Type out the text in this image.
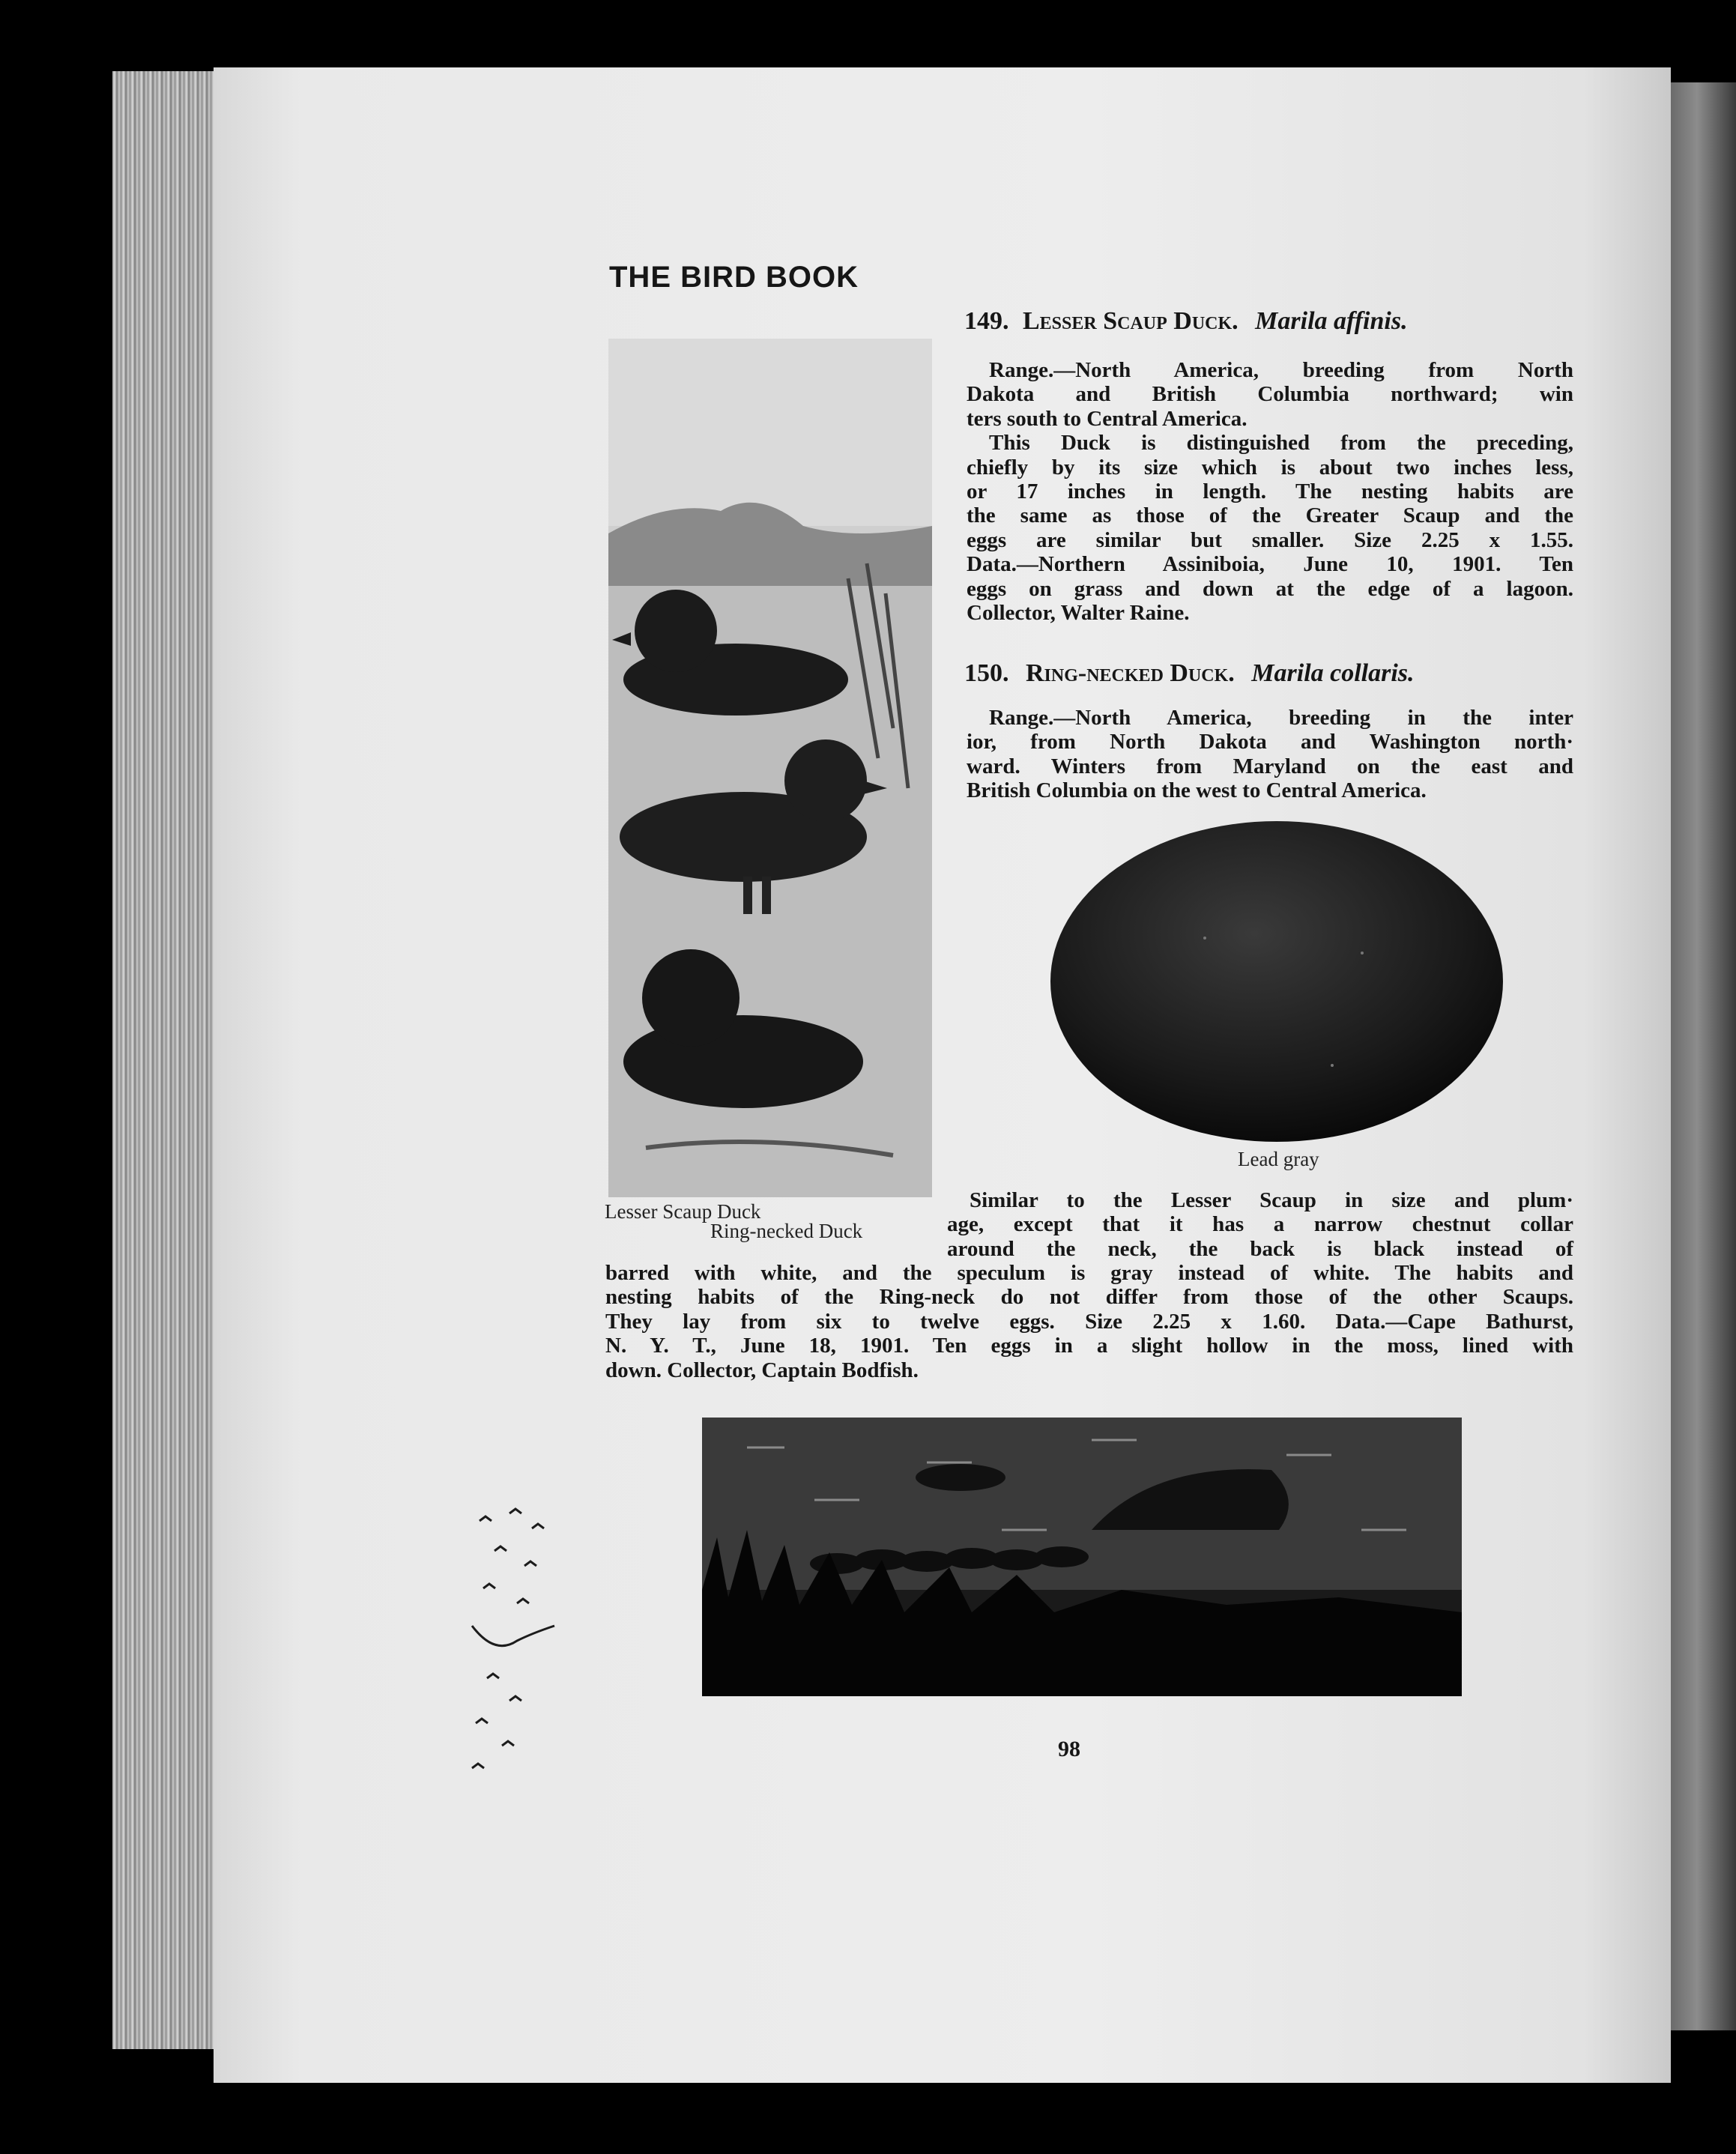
THE BIRD BOOK
149. Lesser Scaup Duck. Marila affinis.
Range.—North America, breeding from North
Dakota and British Columbia northward; win
ters south to Central America.
This Duck is distinguished from the preceding,
chiefly by its size which is about two inches less,
or 17 inches in length. The nesting habits are
the same as those of the Greater Scaup and the
eggs are similar but smaller. Size 2.25 x 1.55.
Data.—Northern Assiniboia, June 10, 1901. Ten
eggs on grass and down at the edge of a lagoon.
Collector, Walter Raine.
150. Ring-necked Duck. Marila collaris.
Range.—North America, breeding in the inter
ior, from North Dakota and Washington north·
ward. Winters from Maryland on the east and
British Columbia on the west to Central America.
Lead gray
Lesser Scaup Duck
Ring-necked Duck
Similar to the Lesser Scaup in size and plum·
age, except that it has a narrow chestnut collar
around the neck, the back is black instead of
barred with white, and the speculum is gray instead of white. The habits and
nesting habits of the Ring-neck do not differ from those of the other Scaups.
They lay from six to twelve eggs. Size 2.25 x 1.60. Data.—Cape Bathurst,
N. Y. T., June 18, 1901. Ten eggs in a slight hollow in the moss, lined with
down. Collector, Captain Bodfish.
98
